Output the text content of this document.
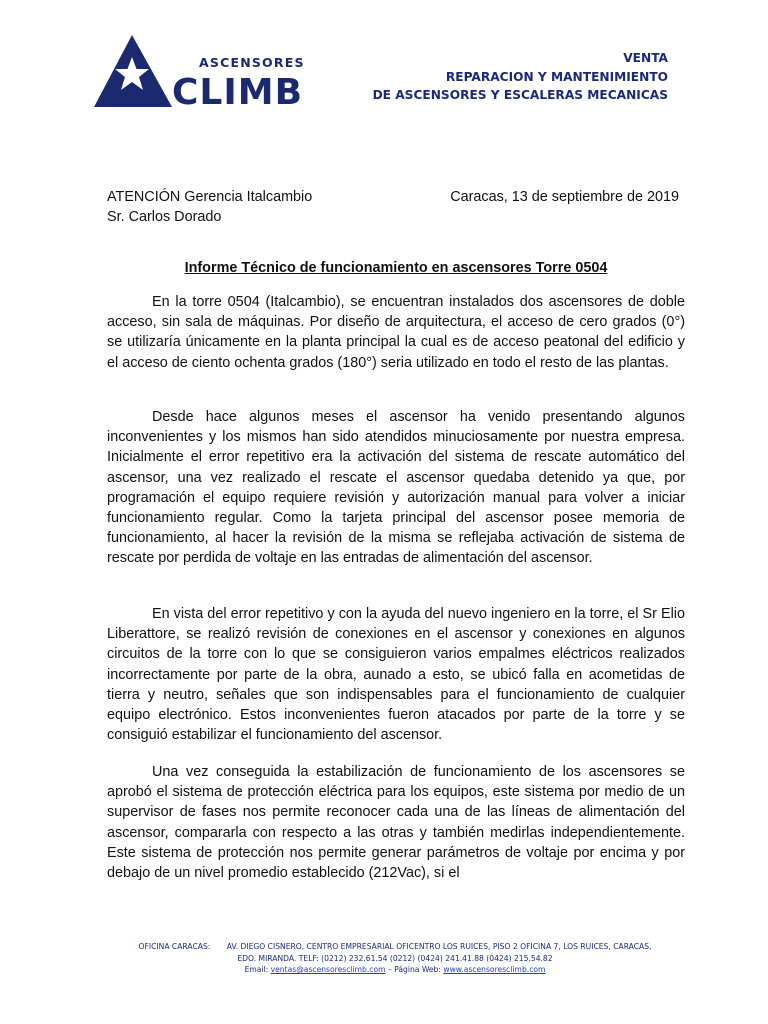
ASCENSORES
CLIMB
VENTA
REPARACION Y MANTENIMIENTO
DE ASCENSORES Y ESCALERAS MECANICAS
ATENCIÓN Gerencia Italcambio
Sr. Carlos Dorado
Caracas, 13 de septiembre de 2019
Informe Técnico de funcionamiento en ascensores Torre 0504

En la torre 0504 (Italcambio), se encuentran instalados dos ascensores de doble acceso, sin sala de máquinas. Por diseño de arquitectura, el acceso de cero grados (0°) se utilizaría únicamente en la planta principal la cual es de acceso peatonal del edificio y el acceso de ciento ochenta grados (180°) seria utilizado en todo el resto de las plantas.

Desde hace algunos meses el ascensor ha venido presentando algunos inconvenientes y los mismos han sido atendidos minuciosamente por nuestra empresa. Inicialmente el error repetitivo era la activación del sistema de rescate automático del ascensor, una vez realizado el rescate el ascensor quedaba detenido ya que, por programación el equipo requiere revisión y autorización manual para volver a iniciar funcionamiento regular. Como la tarjeta principal del ascensor posee memoria de funcionamiento, al hacer la revisión de la misma se reflejaba activación de sistema de rescate por perdida de voltaje en las entradas de alimentación del ascensor.

En vista del error repetitivo y con la ayuda del nuevo ingeniero en la torre, el Sr Elio Liberattore, se realizó revisión de conexiones en el ascensor y conexiones en algunos circuitos de la torre con lo que se consiguieron varios empalmes eléctricos realizados incorrectamente por parte de la obra, aunado a esto, se ubicó falla en acometidas de tierra y neutro, señales que son indispensables para el funcionamiento de cualquier equipo electrónico. Estos inconvenientes fueron atacados por parte de la torre y se consiguió estabilizar el funcionamiento del ascensor.

Una vez conseguida la estabilización de funcionamiento de los ascensores se aprobó el sistema de protección eléctrica para los equipos, este sistema por medio de un supervisor de fases nos permite reconocer cada una de las líneas de alimentación del ascensor, compararla con respecto a las otras y también medirlas independientemente. Este sistema de protección nos permite generar parámetros de voltaje por encima y por debajo de un nivel promedio establecido (212Vac), si el

OFICINA CARACAS: AV. DIEGO CISNERO, CENTRO EMPRESARIAL OFICENTRO LOS RUICES, PISO 2 OFICINA 7, LOS RUICES, CARACAS,
EDO. MIRANDA. TELF: (0212) 232.61.54 (0212) (0424) 241.41.88 (0424) 215.54.82
Email: ventas@ascensoresclimb.com – Página Web: www.ascensoresclimb.com
